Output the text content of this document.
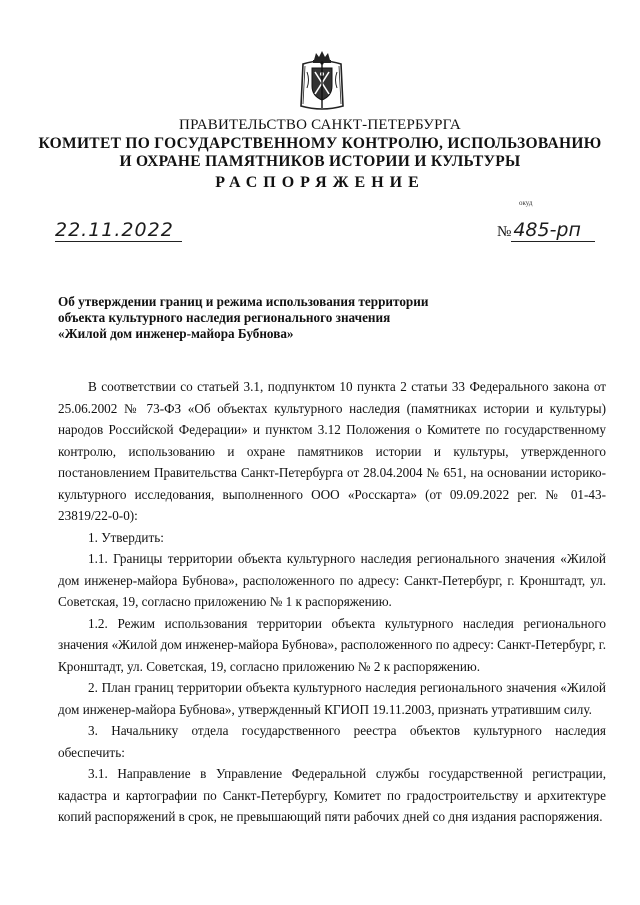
ПРАВИТЕЛЬСТВО САНКТ-ПЕТЕРБУРГА
КОМИТЕТ ПО ГОСУДАРСТВЕННОМУ КОНТРОЛЮ, ИСПОЛЬЗОВАНИЮ
И ОХРАНЕ ПАМЯТНИКОВ ИСТОРИИ И КУЛЬТУРЫ
РАСПОРЯЖЕНИЕ
окуд
22.11.2022	№ 485-рп
Об утверждении границ и режима использования территории
объекта культурного наследия регионального значения
«Жилой дом инженер-майора Бубнова»

В соответствии со статьей 3.1, подпунктом 10 пункта 2 статьи 33 Федерального закона от 25.06.2002 № 73-ФЗ «Об объектах культурного наследия (памятниках истории и культуры) народов Российской Федерации» и пунктом 3.12 Положения о Комитете по государственному контролю, использованию и охране памятников истории и культуры, утвержденного постановлением Правительства Санкт-Петербурга от 28.04.2004 № 651, на основании историко-культурного исследования, выполненного ООО «Росскарта» (от 09.09.2022 рег. № 01-43-23819/22-0-0):

1. Утвердить:

1.1. Границы территории объекта культурного наследия регионального значения «Жилой дом инженер-майора Бубнова», расположенного по адресу: Санкт-Петербург, г. Кронштадт, ул. Советская, 19, согласно приложению № 1 к распоряжению.

1.2. Режим использования территории объекта культурного наследия регионального значения «Жилой дом инженер-майора Бубнова», расположенного по адресу: Санкт-Петербург, г. Кронштадт, ул. Советская, 19, согласно приложению № 2 к распоряжению.

2. План границ территории объекта культурного наследия регионального значения «Жилой дом инженер-майора Бубнова», утвержденный КГИОП 19.11.2003, признать утратившим силу.

3. Начальнику отдела государственного реестра объектов культурного наследия обеспечить:

3.1. Направление в Управление Федеральной службы государственной регистрации, кадастра и картографии по Санкт-Петербургу, Комитет по градостроительству и архитектуре копий распоряжений в срок, не превышающий пяти рабочих дней со дня издания распоряжения.
